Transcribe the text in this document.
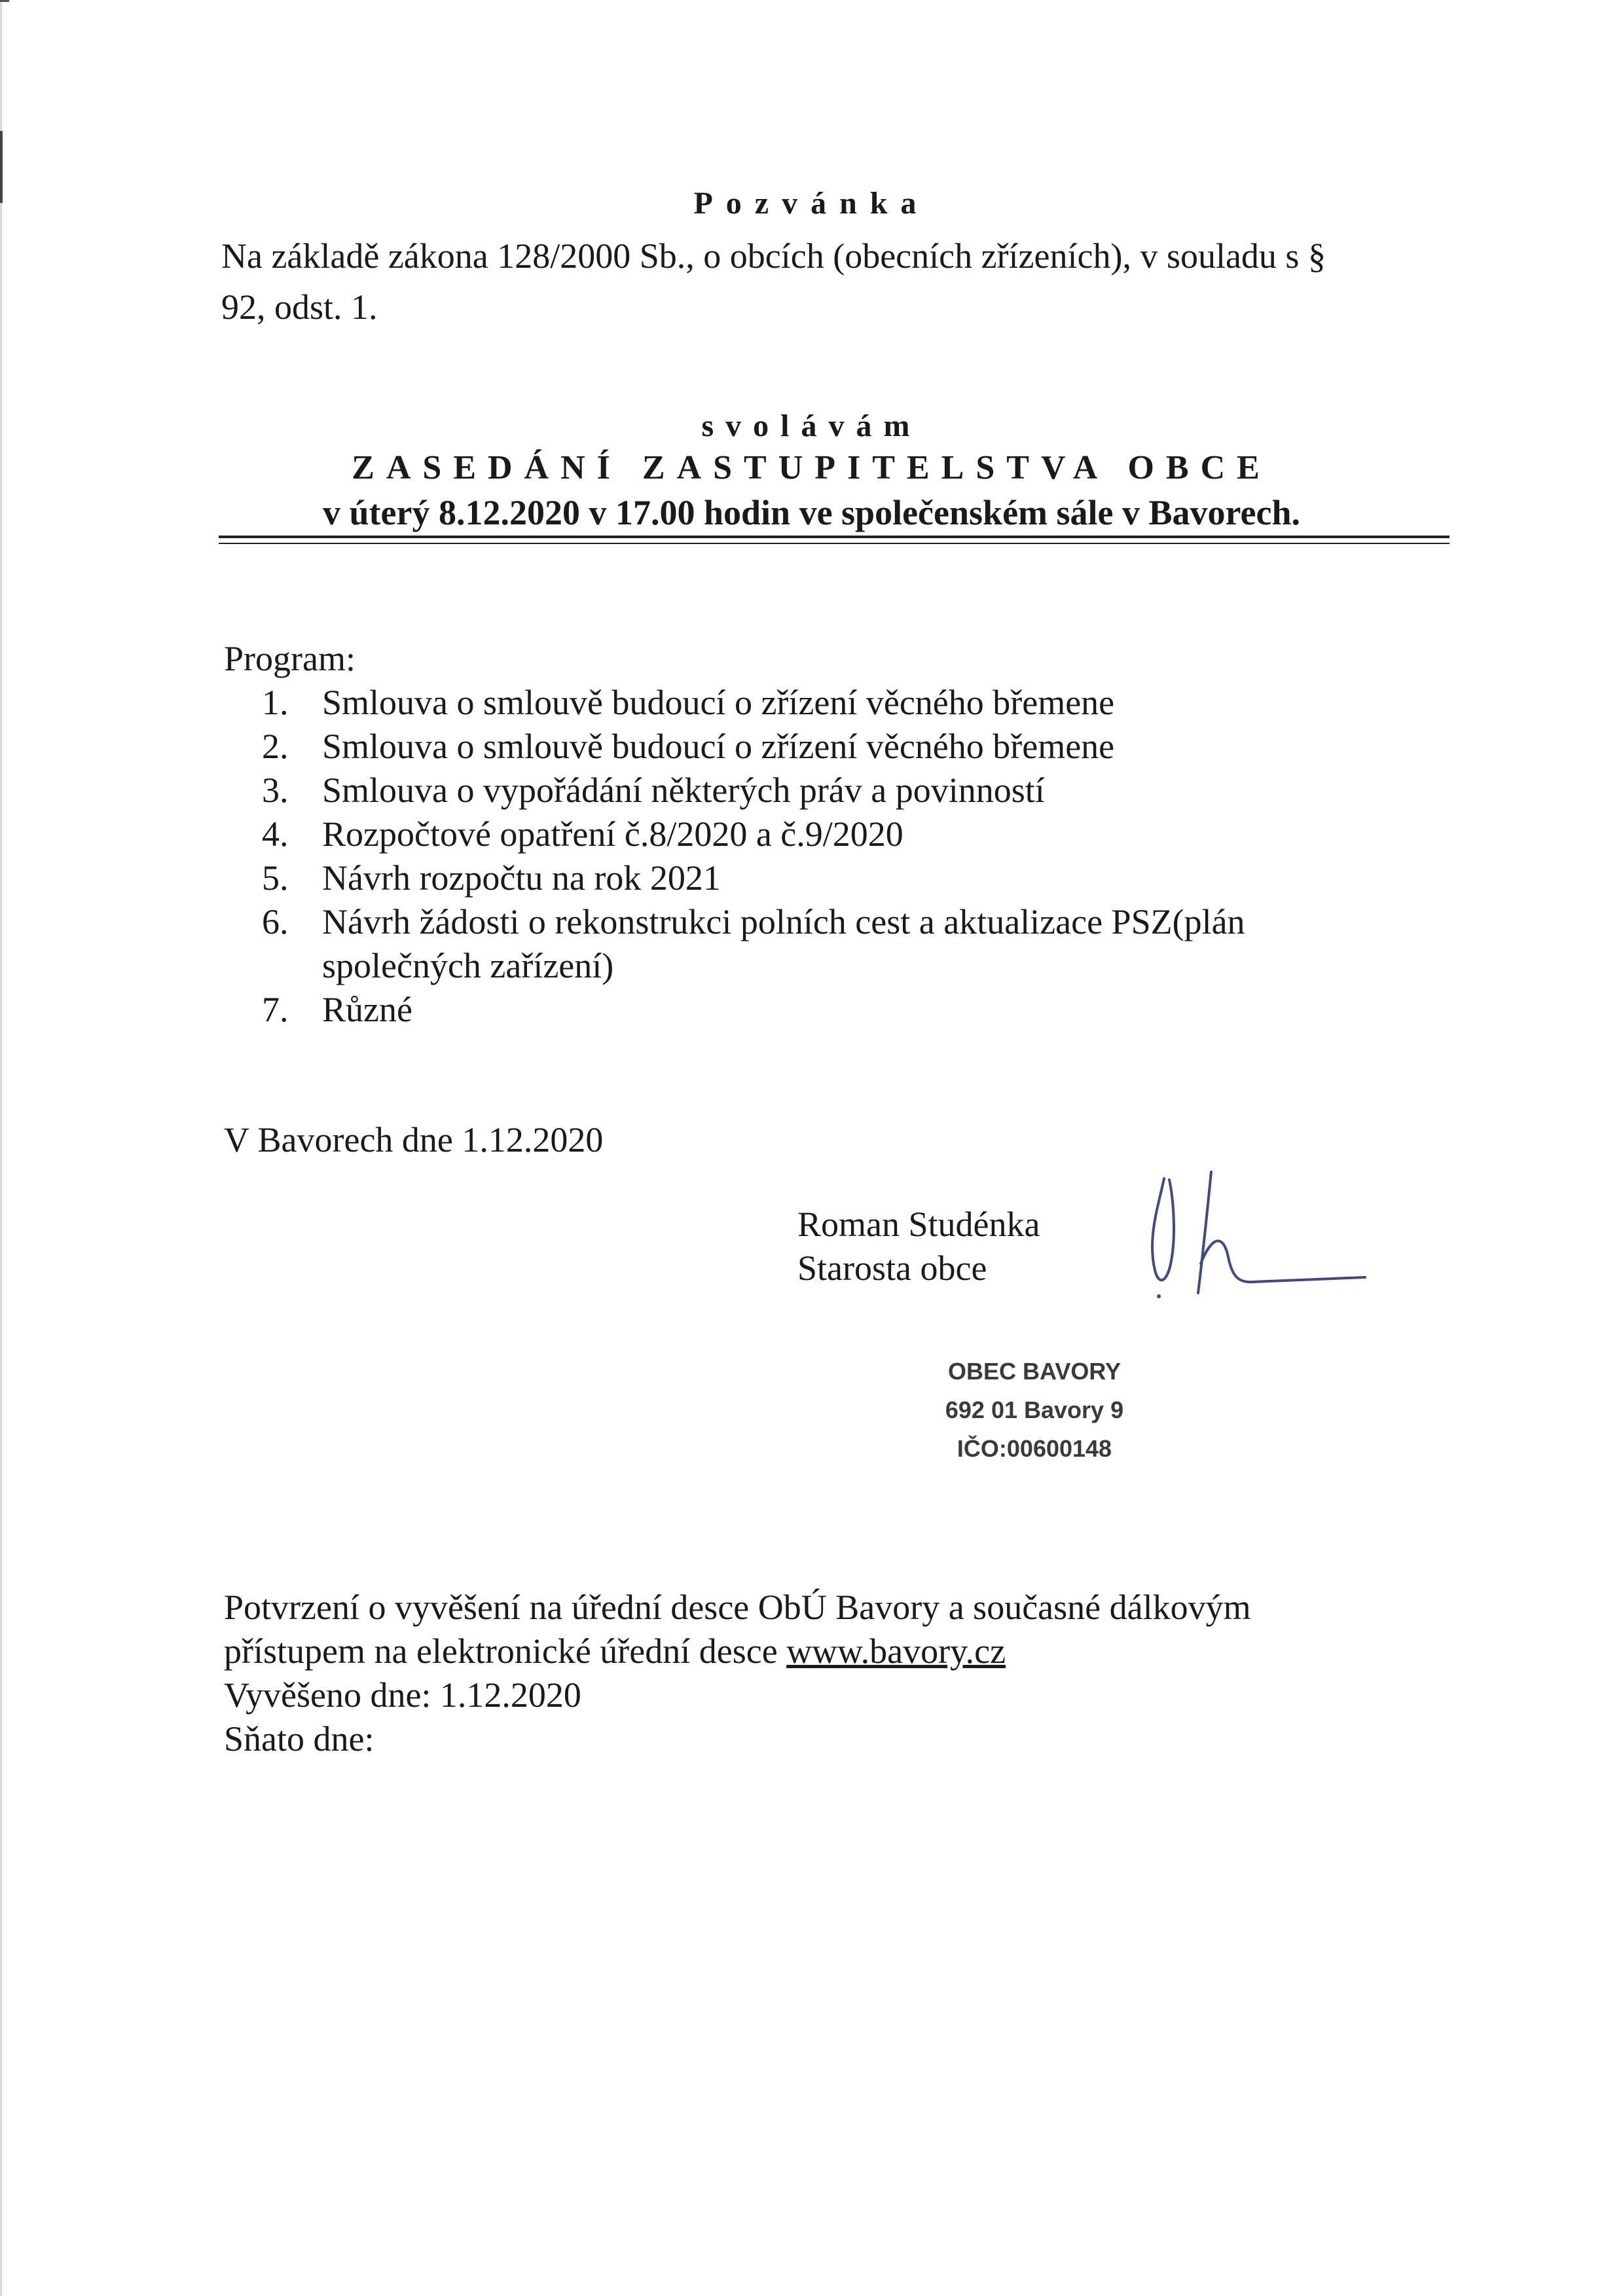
Pozvánka
Na základě zákona 128/2000 Sb., o obcích (obecních zřízeních), v souladu s §
92, odst. 1.
svolávám
ZASEDÁNÍ ZASTUPITELSTVA OBCE
v úterý 8.12.2020 v 17.00 hodin ve společenském sále v Bavorech.
Program:
1. Smlouva o smlouvě budoucí o zřízení věcného břemene
2. Smlouva o smlouvě budoucí o zřízení věcného břemene
3. Smlouva o vypořádání některých práv a povinností
4. Rozpočtové opatření č.8/2020 a č.9/2020
5. Návrh rozpočtu na rok 2021
6. Návrh žádosti o rekonstrukci polních cest a aktualizace PSZ(plán
společných zařízení)
7. Různé
V Bavorech dne 1.12.2020
Roman Studénka
Starosta obce
OBEC BAVORY
692 01 Bavory 9
IČO:00600148
Potvrzení o vyvěšení na úřední desce ObÚ Bavory a současné dálkovým
přístupem na elektronické úřední desce www.bavory.cz
Vyvěšeno dne: 1.12.2020
Sňato dne:
